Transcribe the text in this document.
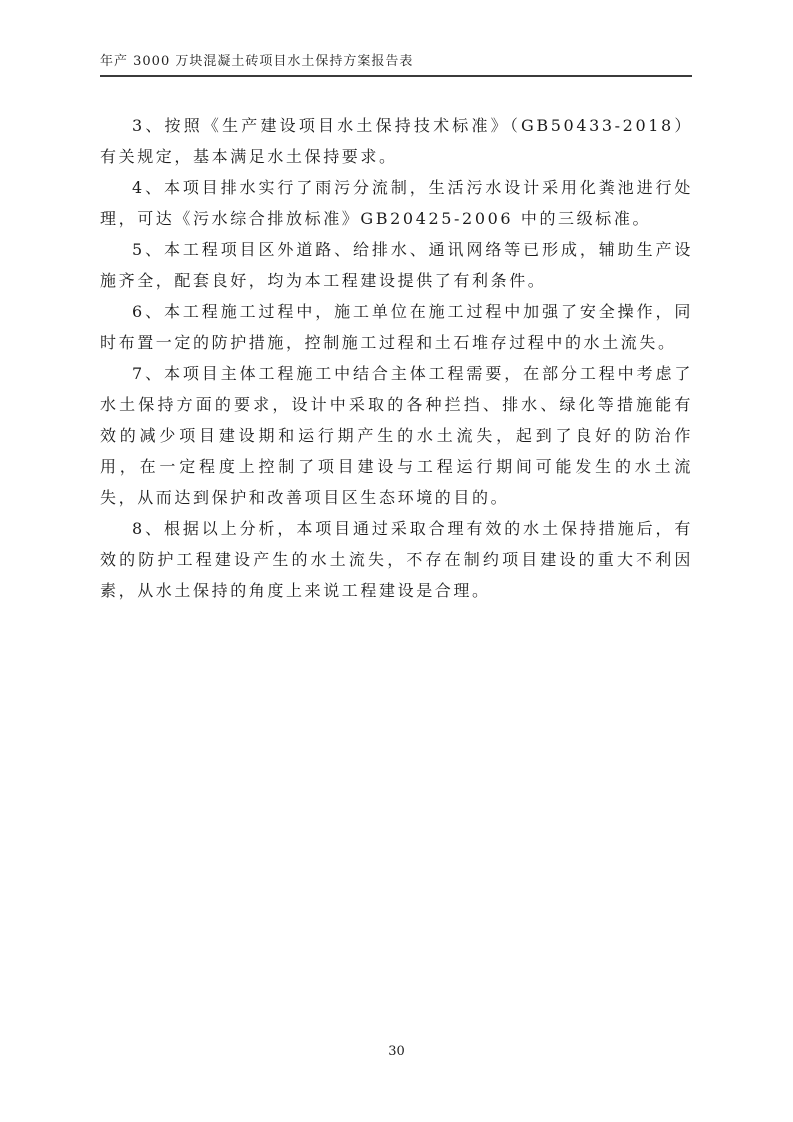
年产 3000 万块混凝土砖项目水土保持方案报告表

3、按照《生产建设项目水土保持技术标准》（GB50433-2018）有关规定，基本满足水土保持要求。

4、本项目排水实行了雨污分流制，生活污水设计采用化粪池进行处理，可达《污水综合排放标准》GB20425-2006 中的三级标准。

5、本工程项目区外道路、给排水、通讯网络等已形成，辅助生产设施齐全，配套良好，均为本工程建设提供了有利条件。

6、本工程施工过程中，施工单位在施工过程中加强了安全操作，同时布置一定的防护措施，控制施工过程和土石堆存过程中的水土流失。

7、本项目主体工程施工中结合主体工程需要，在部分工程中考虑了水土保持方面的要求，设计中采取的各种拦挡、排水、绿化等措施能有效的减少项目建设期和运行期产生的水土流失，起到了良好的防治作用，在一定程度上控制了项目建设与工程运行期间可能发生的水土流失，从而达到保护和改善项目区生态环境的目的。

8、根据以上分析，本项目通过采取合理有效的水土保持措施后，有效的防护工程建设产生的水土流失，不存在制约项目建设的重大不利因素，从水土保持的角度上来说工程建设是合理。

30
